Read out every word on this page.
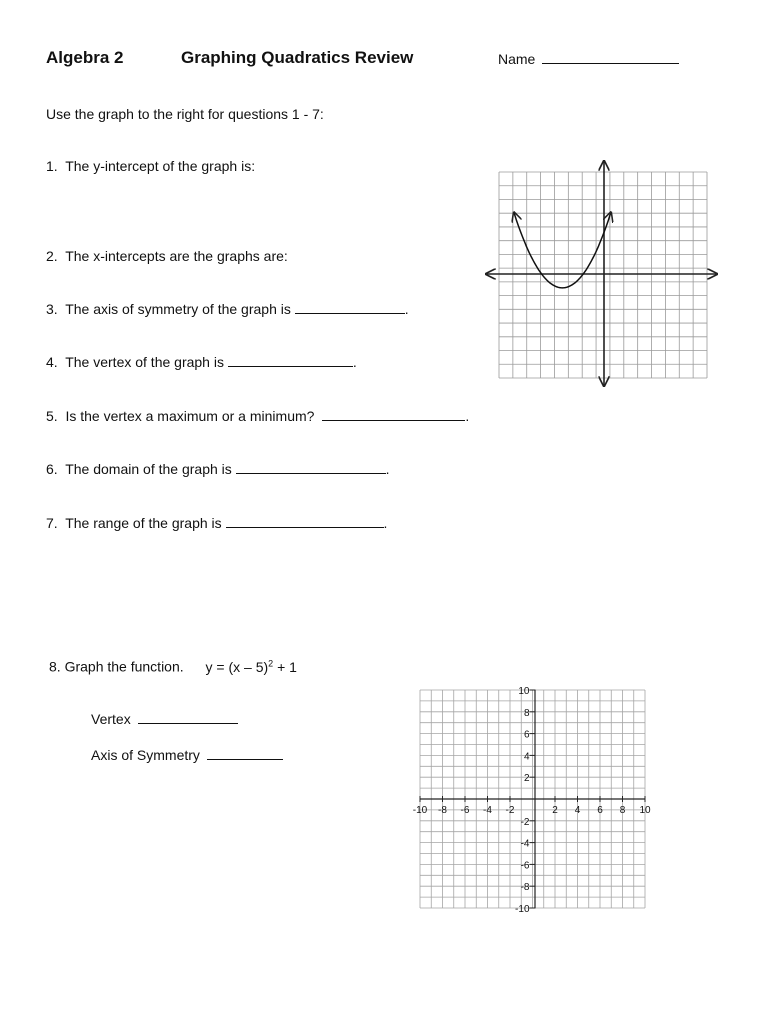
Algebra 2	Graphing Quadratics Review	Name
Use the graph to the right for questions 1 - 7:
1. The y-intercept of the graph is:
2. The x-intercepts are the graphs are:
3. The axis of symmetry of the graph is	.
4. The vertex of the graph is	.
5. Is the vertex a maximum or a minimum?	.
6. The domain of the graph is	.
7. The range of the graph is	.
8. Graph the function. y = (x – 5)$^2$ + 1
Vertex
Axis of Symmetry
-10 -8 -6 -4 -2	2 4 6 8 10
10
8
6
4
2
-2
-4
-6
-8
-10
